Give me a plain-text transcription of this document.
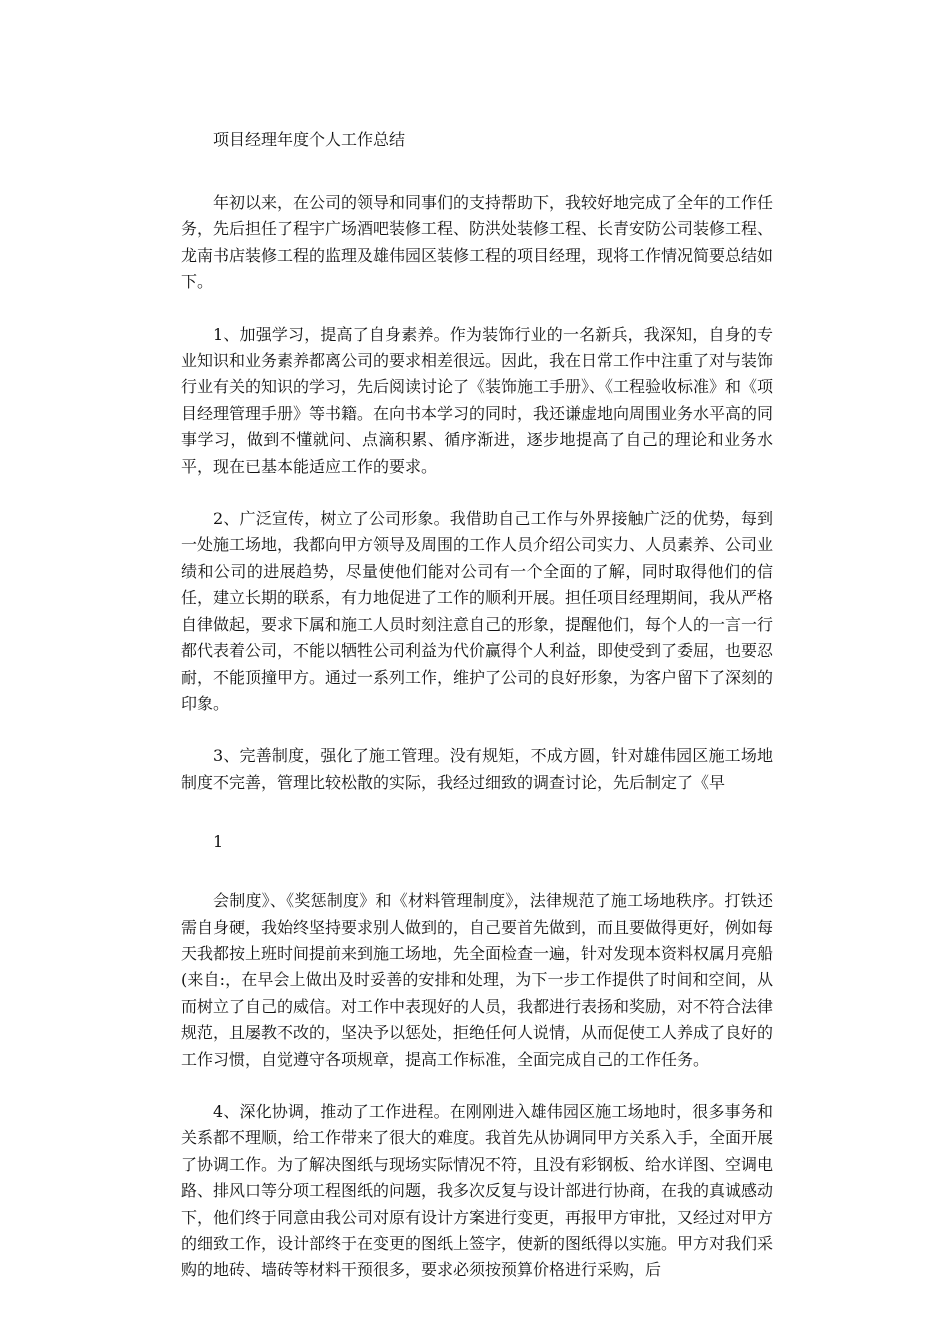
项目经理年度个人工作总结

年初以来，在公司的领导和同事们的支持帮助下，我较好地完成了全年的工作任务，先后担任了程宇广场酒吧装修工程、防洪处装修工程、长青安防公司装修工程、龙南书店装修工程的监理及雄伟园区装修工程的项目经理，现将工作情况简要总结如下。

1、加强学习，提高了自身素养。作为装饰行业的一名新兵，我深知，自身的专业知识和业务素养都离公司的要求相差很远。因此，我在日常工作中注重了对与装饰行业有关的知识的学习，先后阅读讨论了《装饰施工手册》、《工程验收标准》和《项目经理管理手册》等书籍。在向书本学习的同时，我还谦虚地向周围业务水平高的同事学习，做到不懂就问、点滴积累、循序渐进，逐步地提高了自己的理论和业务水平，现在已基本能适应工作的要求。

2、广泛宣传，树立了公司形象。我借助自己工作与外界接触广泛的优势，每到一处施工场地，我都向甲方领导及周围的工作人员介绍公司实力、人员素养、公司业绩和公司的进展趋势，尽量使他们能对公司有一个全面的了解，同时取得他们的信任，建立长期的联系，有力地促进了工作的顺利开展。担任项目经理期间，我从严格自律做起，要求下属和施工人员时刻注意自己的形象，提醒他们，每个人的一言一行都代表着公司，不能以牺牲公司利益为代价赢得个人利益，即使受到了委屈，也要忍耐，不能顶撞甲方。通过一系列工作，维护了公司的良好形象，为客户留下了深刻的印象。

3、完善制度，强化了施工管理。没有规矩，不成方圆，针对雄伟园区施工场地制度不完善，管理比较松散的实际，我经过细致的调查讨论，先后制定了《早

1

会制度》、《奖惩制度》和《材料管理制度》，法律规范了施工场地秩序。打铁还需自身硬，我始终坚持要求别人做到的，自己要首先做到，而且要做得更好，例如每天我都按上班时间提前来到施工场地，先全面检查一遍，针对发现本资料权属月亮船(来自:，在早会上做出及时妥善的安排和处理，为下一步工作提供了时间和空间，从而树立了自己的威信。对工作中表现好的人员，我都进行表扬和奖励，对不符合法律规范，且屡教不改的，坚决予以惩处，拒绝任何人说情，从而促使工人养成了良好的工作习惯，自觉遵守各项规章，提高工作标准，全面完成自己的工作任务。

4、深化协调，推动了工作进程。在刚刚进入雄伟园区施工场地时，很多事务和关系都不理顺，给工作带来了很大的难度。我首先从协调同甲方关系入手，全面开展了协调工作。为了解决图纸与现场实际情况不符，且没有彩钢板、给水详图、空调电路、排风口等分项工程图纸的问题，我多次反复与设计部进行协商，在我的真诚感动下，他们终于同意由我公司对原有设计方案进行变更，再报甲方审批，又经过对甲方的细致工作，设计部终于在变更的图纸上签字，使新的图纸得以实施。甲方对我们采购的地砖、墙砖等材料干预很多，要求必须按预算价格进行采购，后
